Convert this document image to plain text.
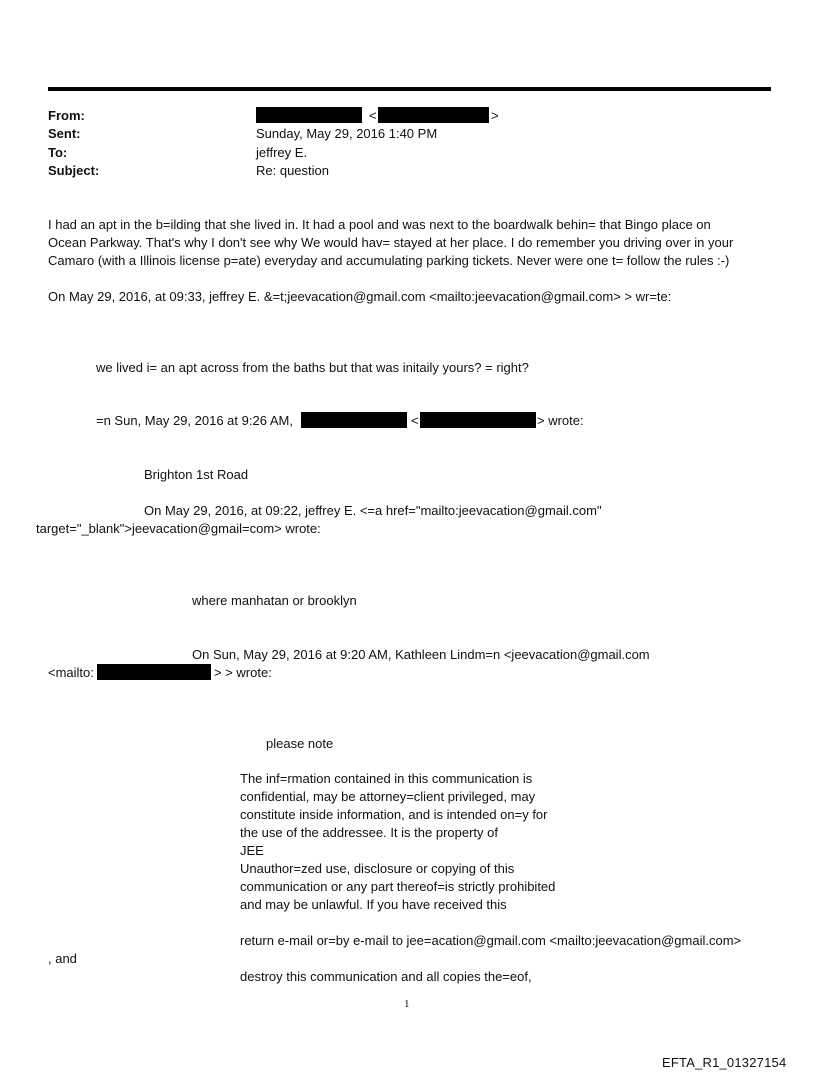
From:	<	>
Sent:	Sunday, May 29, 2016 1:40 PM
To:	jeffrey E.
Subject:	Re: question
I had an apt in the b=ilding that she lived in. It had a pool and was next to the boardwalk behin= that Bingo place on
Ocean Parkway. That's why I don't see why We would hav= stayed at her place. I do remember you driving over in your
Camaro (with a Illinois license p=ate) everyday and accumulating parking tickets. Never were one t= follow the rules :-)
On May 29, 2016, at 09:33, jeffrey E. &=t;jeevacation@gmail.com <mailto:jeevacation@gmail.com> > wr=te:
we lived i= an apt across from the baths but that was initaily yours? = right?
=n Sun, May 29, 2016 at 9:26 AM,	<	> wrote:
Brighton 1st Road
On May 29, 2016, at 09:22, jeffrey E. <=a href="mailto:jeevacation@gmail.com"
target="_blank">jeevacation@gmail=com> wrote:
where manhatan or brooklyn
On Sun, May 29, 2016 at 9:20 AM, Kathleen Lindm=n <jeevacation@gmail.com
<mailto:	> > wrote:
please note
The inf=rmation contained in this communication is
confidential, may be attorney=client privileged, may
constitute inside information, and is intended on=y for
the use of the addressee. It is the property of
JEE
Unauthor=zed use, disclosure or copying of this
communication or any part thereof=is strictly prohibited
and may be unlawful. If you have received this
return e-mail or=by e-mail to jee=acation@gmail.com <mailto:jeevacation@gmail.com>
, and
destroy this communication and all copies the=eof,
1
EFTA_R1_01327154
